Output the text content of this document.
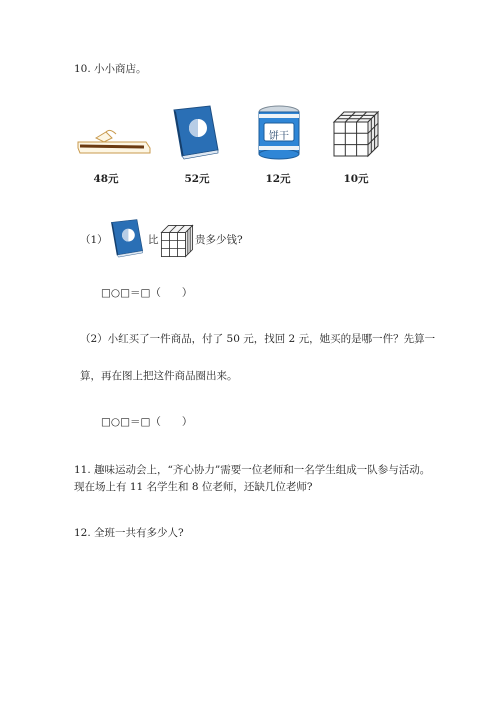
10. 小小商店。
48元	52元
饼干
12元	10元
（1）	比	贵多少钱?
□○□＝□（　　）
（2）小红买了一件商品，付了 50 元，找回 2 元，她买的是哪一件？先算一
算，再在图上把这件商品圈出来。
□○□＝□（　　）
11. 趣味运动会上，“齐心协力”需要一位老师和一名学生组成一队参与活动。
现在场上有 11 名学生和 8 位老师，还缺几位老师?
12. 全班一共有多少人?
